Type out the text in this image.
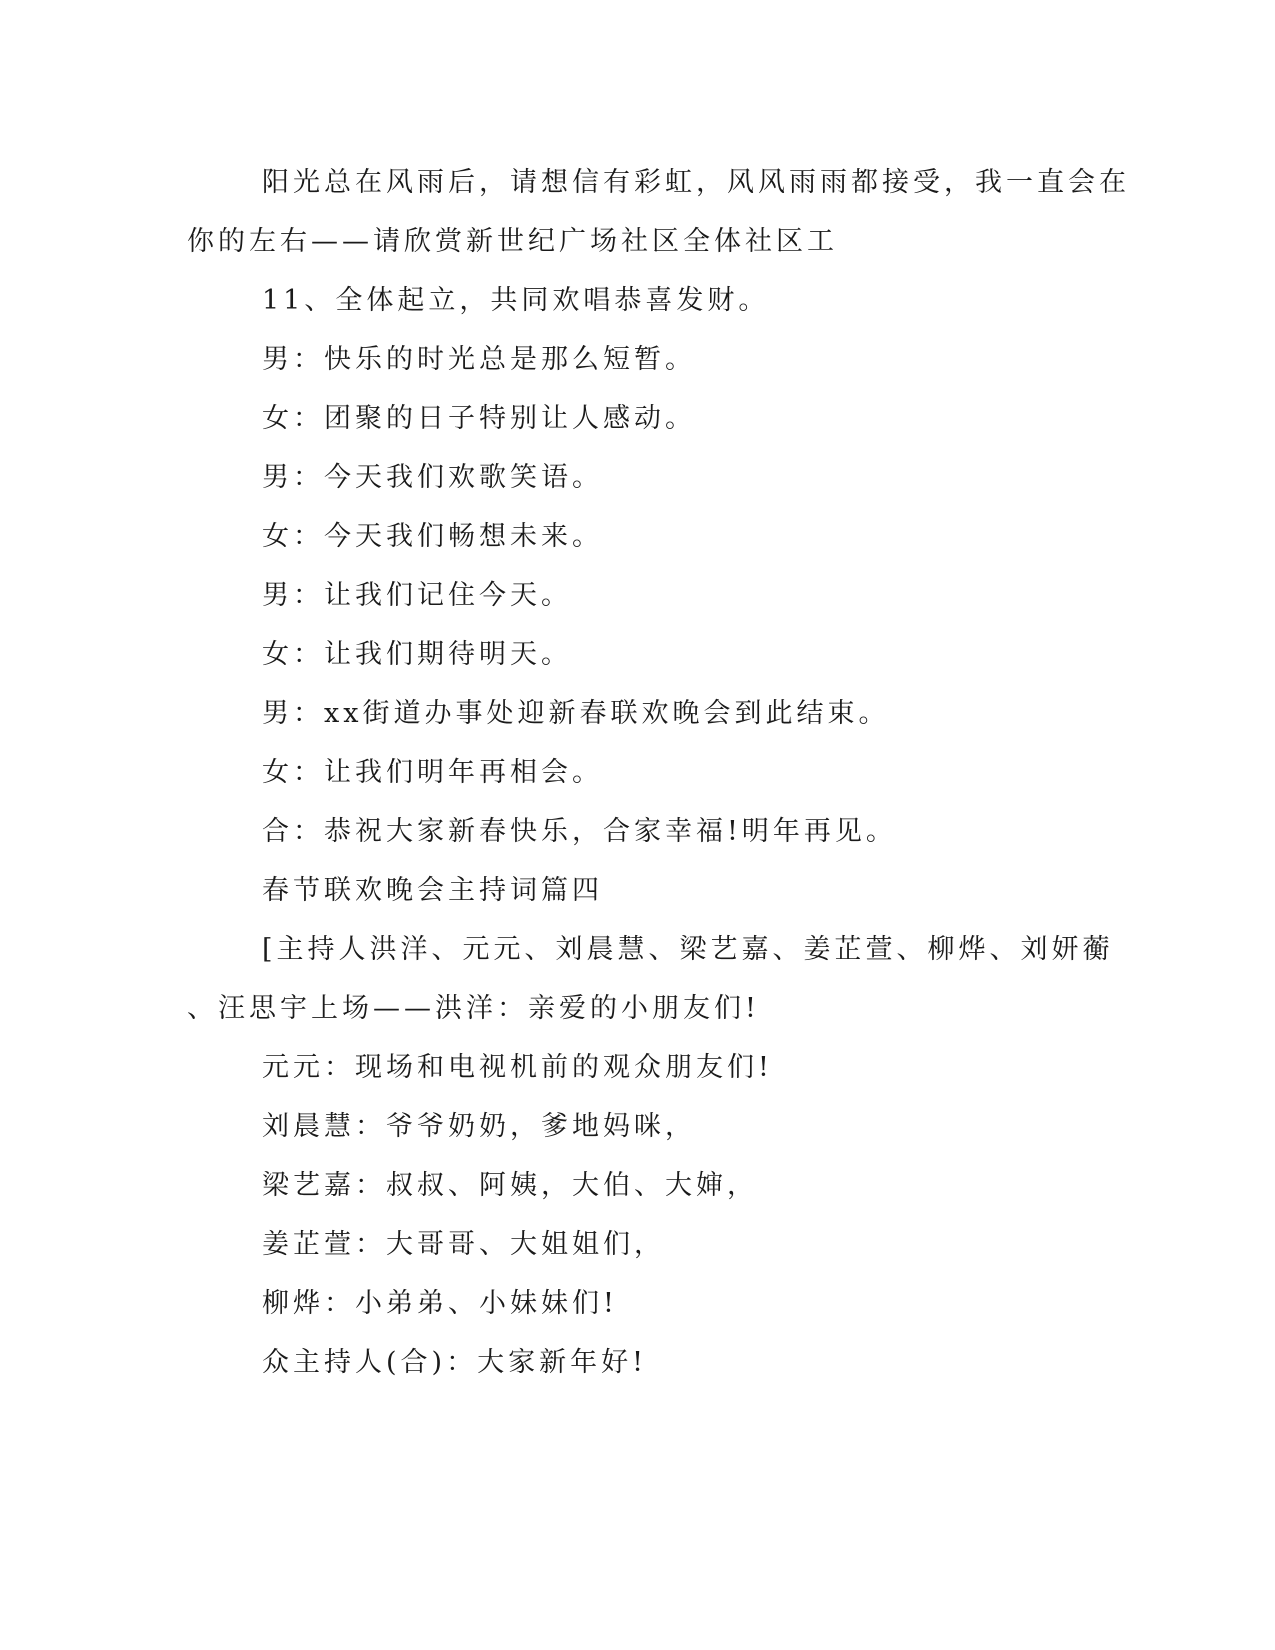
阳光总在风雨后，请想信有彩虹，风风雨雨都接受，我一直会在

你的左右——请欣赏新世纪广场社区全体社区工

11、全体起立，共同欢唱恭喜发财。

男：快乐的时光总是那么短暂。

女：团聚的日子特别让人感动。

男：今天我们欢歌笑语。

女：今天我们畅想未来。

男：让我们记住今天。

女：让我们期待明天。

男：xx街道办事处迎新春联欢晚会到此结束。

女：让我们明年再相会。

合：恭祝大家新春快乐，合家幸福!明年再见。

春节联欢晚会主持词篇四

[主持人洪洋、元元、刘晨慧、梁艺嘉、姜芷萱、柳烨、刘妍蘅

、汪思宇上场——洪洋：亲爱的小朋友们!

元元：现场和电视机前的观众朋友们!

刘晨慧：爷爷奶奶，爹地妈咪，

梁艺嘉：叔叔、阿姨，大伯、大婶，

姜芷萱：大哥哥、大姐姐们，

柳烨：小弟弟、小妹妹们!

众主持人(合)：大家新年好!
